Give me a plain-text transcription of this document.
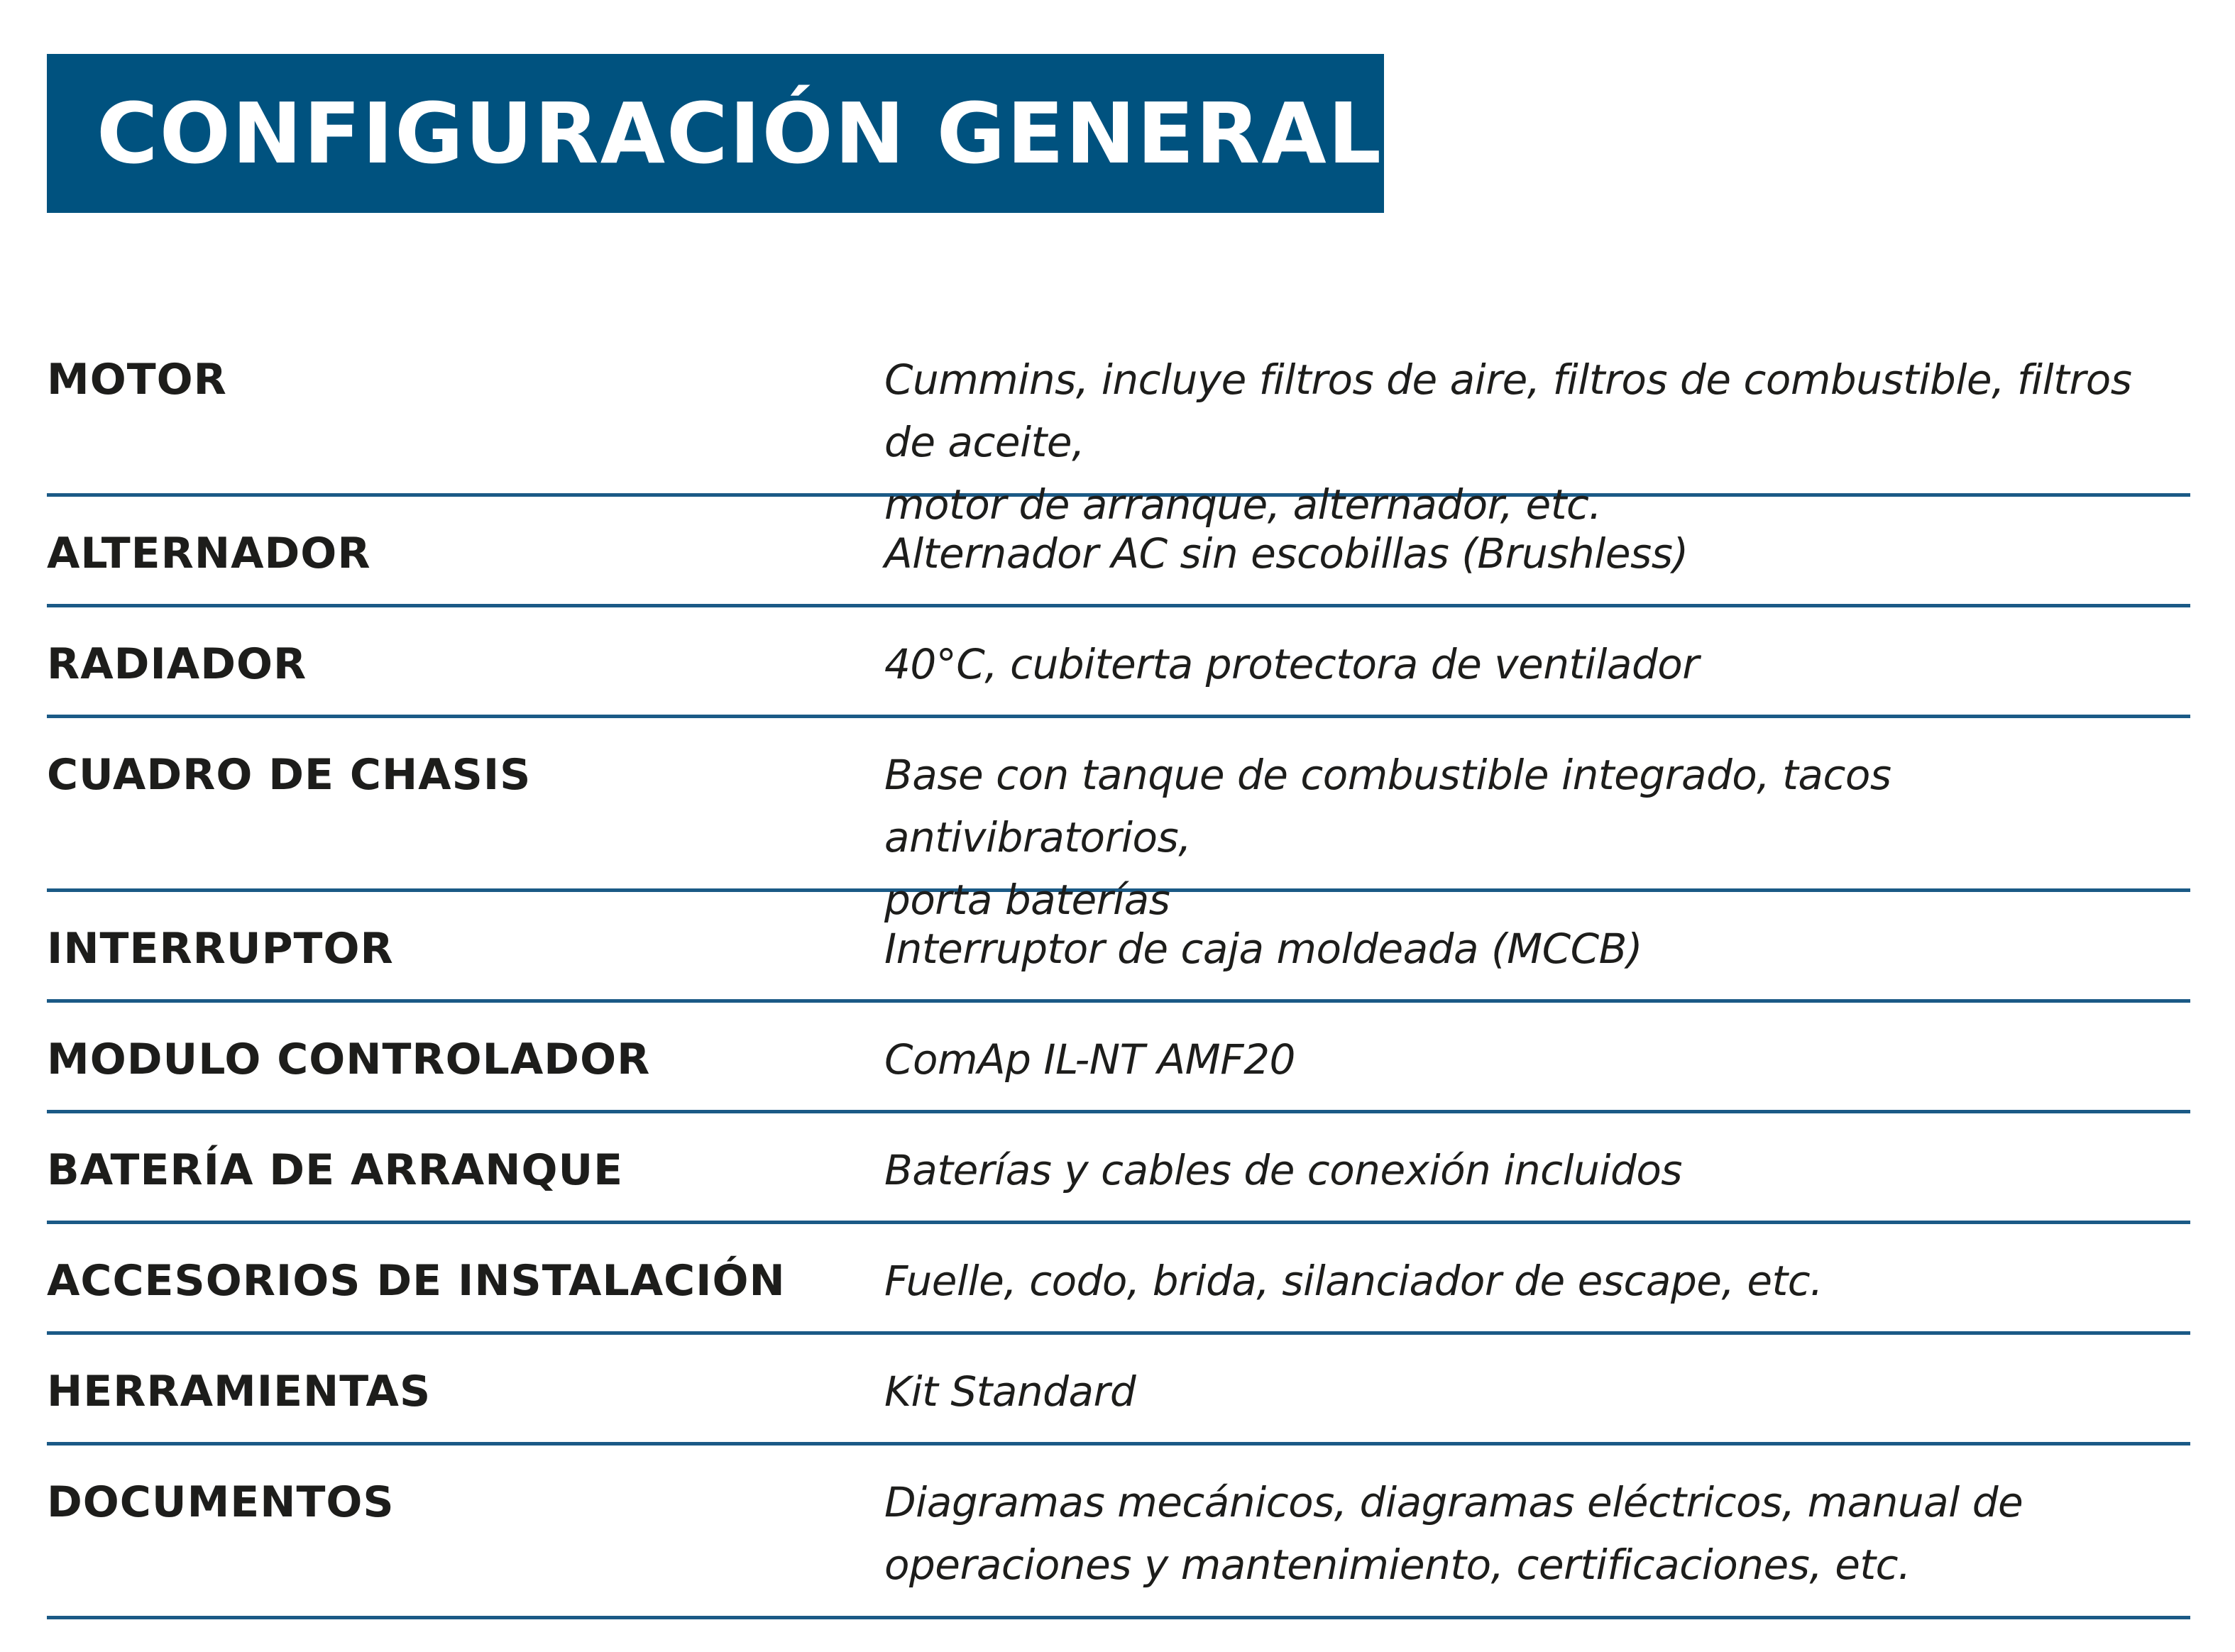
CONFIGURACIÓN GENERAL
MOTOR	Cummins, incluye filtros de aire, filtros de combustible, filtros de aceite,
motor de arranque, alternador, etc.
ALTERNADOR	Alternador AC sin escobillas (Brushless)
RADIADOR	40°C, cubiterta protectora de ventilador
CUADRO DE CHASIS	Base con tanque de combustible integrado, tacos antivibratorios,
porta baterías
INTERRUPTOR	Interruptor de caja moldeada (MCCB)
MODULO CONTROLADOR	ComAp IL-NT AMF20
BATERÍA DE ARRANQUE	Baterías y cables de conexión incluidos
ACCESORIOS DE INSTALACIÓN	Fuelle, codo, brida, silanciador de escape, etc.
HERRAMIENTAS	Kit Standard
DOCUMENTOS	Diagramas mecánicos, diagramas eléctricos, manual de
operaciones y mantenimiento, certificaciones, etc.
